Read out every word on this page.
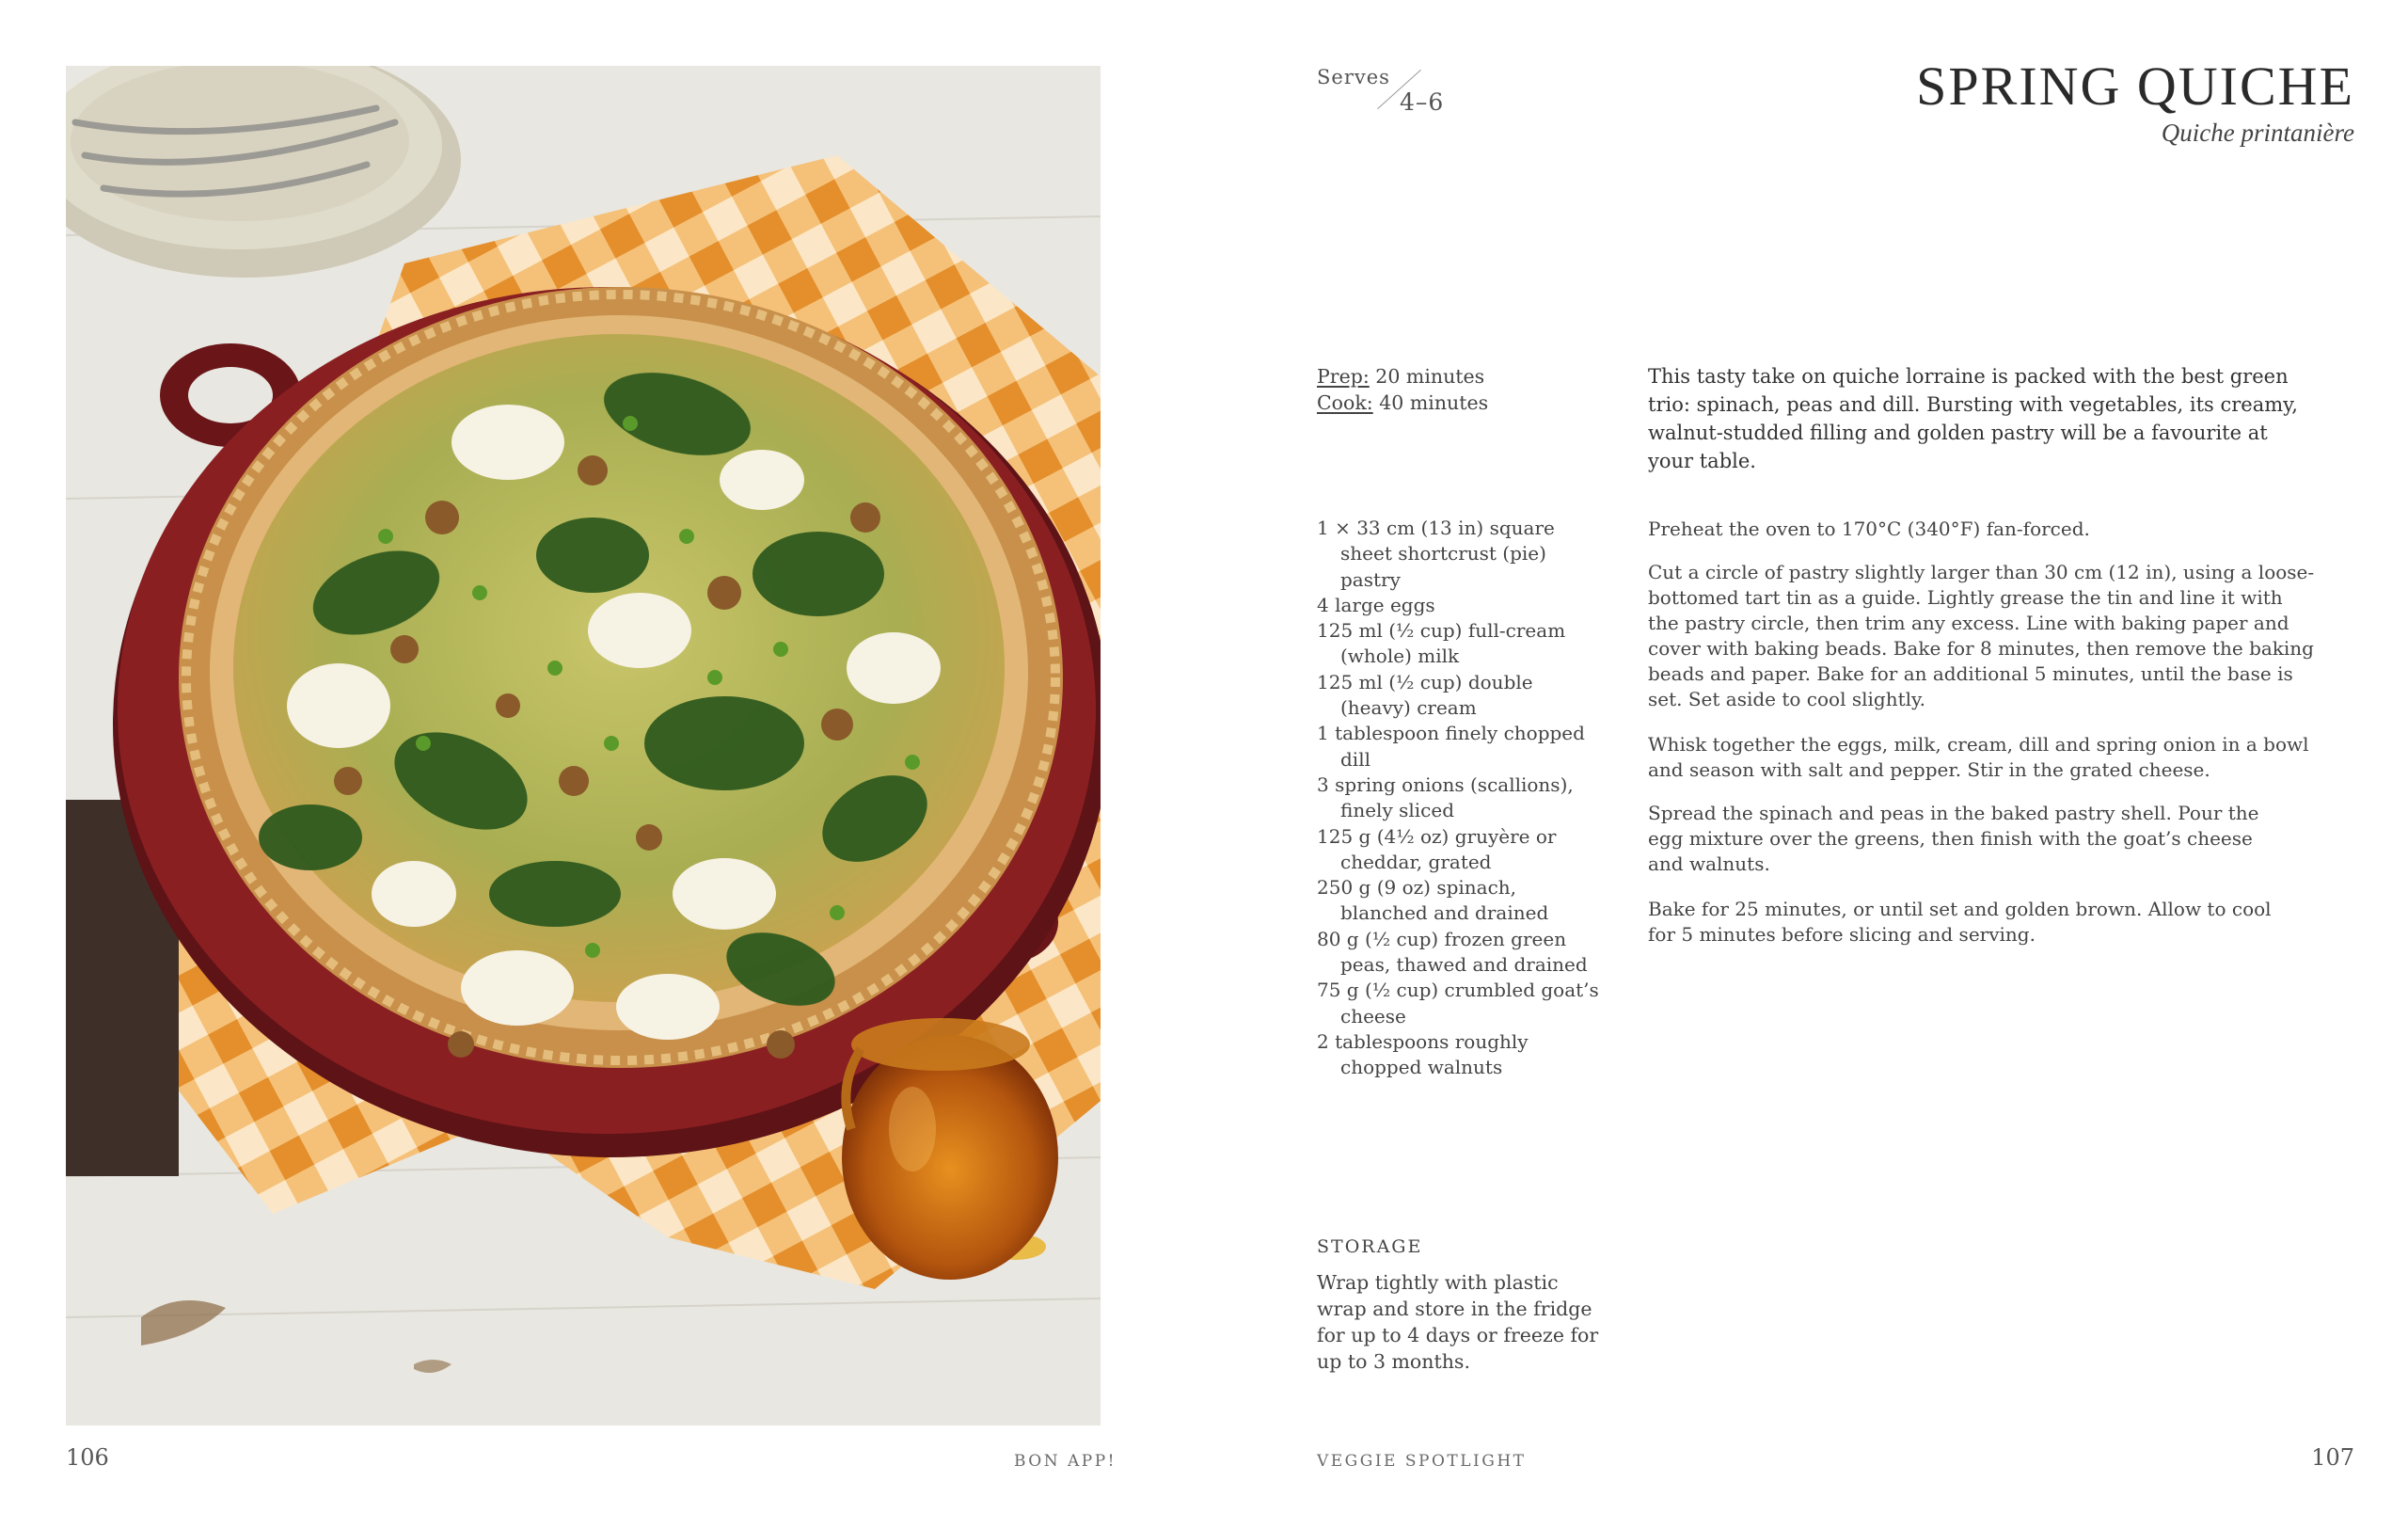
106	BON APP!
Serves
4–6	SPRING QUICHE
Quiche printanière
Prep: 20 minutes
Cook: 40 minutes
This tasty take on quiche lorraine is packed with the best green trio: spinach, peas and dill. Bursting with vegetables, its creamy, walnut-studded filling and golden pastry will be a favourite at your table.
1 × 33 cm (13 in) square sheet shortcrust (pie) pastry
4 large eggs
125 ml (½ cup) full-cream (whole) milk
125 ml (½ cup) double (heavy) cream
1 tablespoon finely chopped dill
3 spring onions (scallions), finely sliced
125 g (4½ oz) gruyère or cheddar, grated
250 g (9 oz) spinach, blanched and drained
80 g (½ cup) frozen green peas, thawed and drained
75 g (½ cup) crumbled goat’s cheese
2 tablespoons roughly chopped walnuts

Preheat the oven to 170°C (340°F) fan-forced.

Cut a circle of pastry slightly larger than 30 cm (12 in), using a loose-bottomed tart tin as a guide. Lightly grease the tin and line it with the pastry circle, then trim any excess. Line with baking paper and cover with baking beads. Bake for 8 minutes, then remove the baking beads and paper. Bake for an additional 5 minutes, until the base is set. Set aside to cool slightly.

Whisk together the eggs, milk, cream, dill and spring onion in a bowl and season with salt and pepper. Stir in the grated cheese.

Spread the spinach and peas in the baked pastry shell. Pour the egg mixture over the greens, then finish with the goat’s cheese and walnuts.

Bake for 25 minutes, or until set and golden brown. Allow to cool for 5 minutes before slicing and serving.

STORAGE
Wrap tightly with plastic wrap and store in the fridge for up to 4 days or freeze for up to 3 months.
VEGGIE SPOTLIGHT	107
